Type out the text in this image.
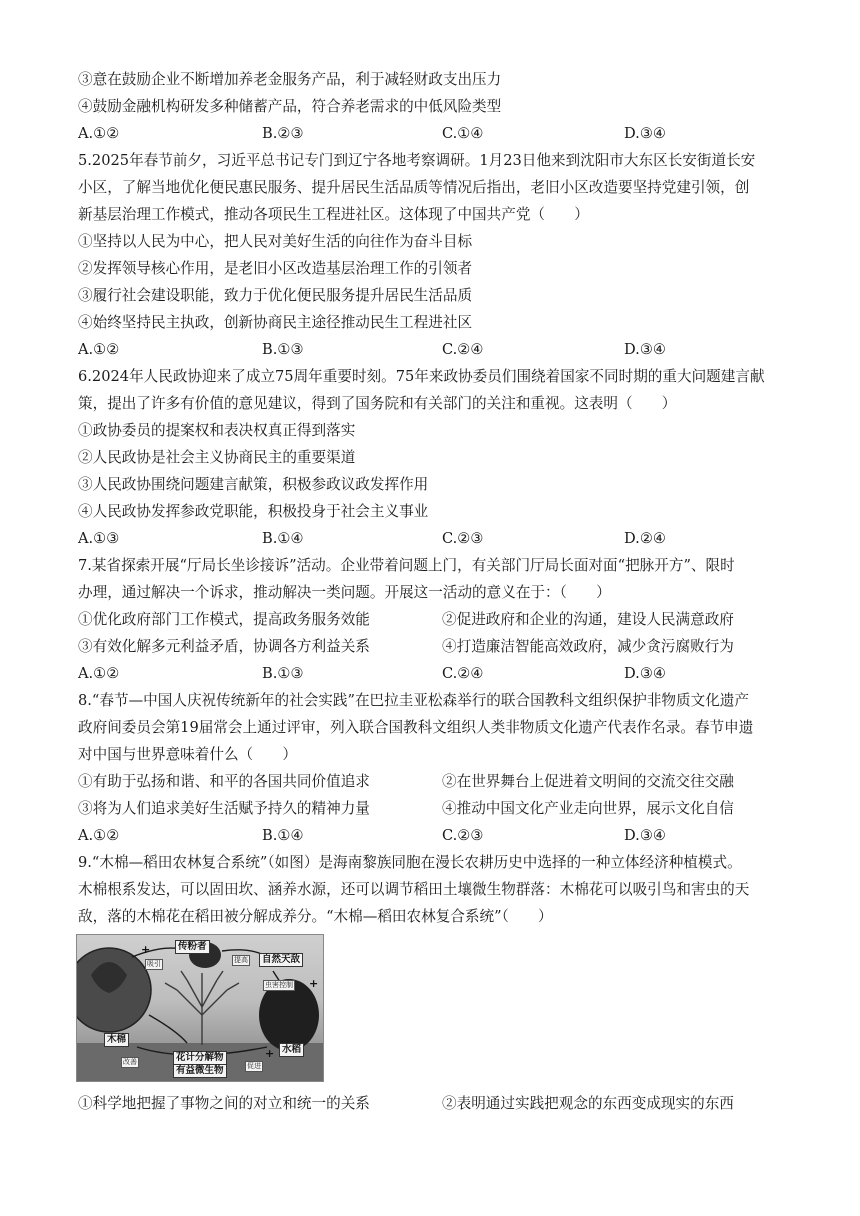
③意在鼓励企业不断增加养老金服务产品，利于减轻财政支出压力
④鼓励金融机构研发多种储蓄产品，符合养老需求的中低风险类型
A.①②	B.②③	C.①④	D.③④
5.2025年春节前夕，习近平总书记专门到辽宁各地考察调研。1月23日他来到沈阳市大东区长安街道长安
小区，了解当地优化便民惠民服务、提升居民生活品质等情况后指出，老旧小区改造要坚持党建引领，创
新基层治理工作模式，推动各项民生工程进社区。这体现了中国共产党（　　）
①坚持以人民为中心，把人民对美好生活的向往作为奋斗目标
②发挥领导核心作用，是老旧小区改造基层治理工作的引领者
③履行社会建设职能，致力于优化便民服务提升居民生活品质
④始终坚持民主执政，创新协商民主途径推动民生工程进社区
A.①②	B.①③	C.②④	D.③④
6.2024年人民政协迎来了成立75周年重要时刻。75年来政协委员们围绕着国家不同时期的重大问题建言献
策，提出了许多有价值的意见建议，得到了国务院和有关部门的关注和重视。这表明（　　）
①政协委员的提案权和表决权真正得到落实
②人民政协是社会主义协商民主的重要渠道
③人民政协围绕问题建言献策，积极参政议政发挥作用
④人民政协发挥参政党职能，积极投身于社会主义事业
A.①③	B.①④	C.②③	D.②④
7.某省探索开展“厅局长坐诊接诉”活动。企业带着问题上门，有关部门厅局长面对面“把脉开方”、限时
办理，通过解决一个诉求，推动解决一类问题。开展这一活动的意义在于：（　　）
①优化政府部门工作模式，提高政务服务效能	②促进政府和企业的沟通，建设人民满意政府
③有效化解多元利益矛盾，协调各方利益关系	④打造廉洁智能高效政府，减少贪污腐败行为
A.①②	B.①③	C.②④	D.③④
8.“春节—中国人庆祝传统新年的社会实践”在巴拉圭亚松森举行的联合国教科文组织保护非物质文化遗产
政府间委员会第19届常会上通过评审，列入联合国教科文组织人类非物质文化遗产代表作名录。春节申遗
对中国与世界意味着什么（　　）
①有助于弘扬和谐、和平的各国共同价值追求	②在世界舞台上促进着文明间的交流交往交融
③将为人们追求美好生活赋予持久的精神力量	④推动中国文化产业走向世界，展示文化自信
A.①②	B.①④	C.②③	D.③④
9.“木棉—稻田农林复合系统”（如图）是海南黎族同胞在漫长农耕历史中选择的一种立体经济种植模式。
木棉根系发达，可以固田坎、涵养水源，还可以调节稻田土壤微生物群落：木棉花可以吸引鸟和害虫的天
敌，落的木棉花在稻田被分解成养分。“木棉—稻田农林复合系统”（　　）
传粉者
自然天敌
木棉
水稻
花计分解物
有益微生物
吸引	提高
虫害控制
改善	促进
+
+
+
①科学地把握了事物之间的对立和统一的关系	②表明通过实践把观念的东西变成现实的东西
